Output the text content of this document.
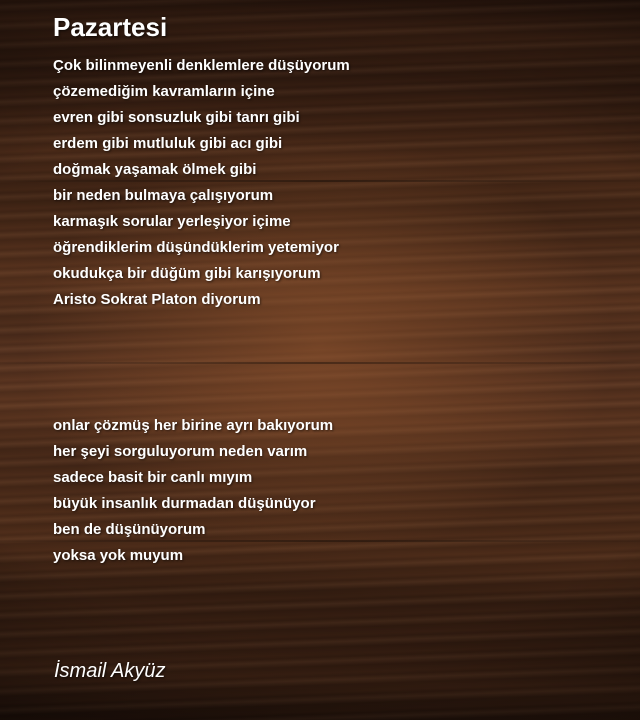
Pazartesi
Çok bilinmeyenli denklemlere düşüyorum
çözemediğim kavramların içine
evren gibi sonsuzluk gibi tanrı gibi
erdem gibi mutluluk gibi acı gibi
doğmak yaşamak ölmek gibi
bir neden bulmaya çalışıyorum
karmaşık sorular yerleşiyor içime
öğrendiklerim düşündüklerim yetemiyor
okudukça bir düğüm gibi karışıyorum
Aristo Sokrat Platon diyorum
onlar çözmüş her birine ayrı bakıyorum
her şeyi sorguluyorum neden varım
sadece basit bir canlı mıyım
büyük insanlık durmadan düşünüyor
ben de düşünüyorum
yoksa yok muyum
İsmail Akyüz
